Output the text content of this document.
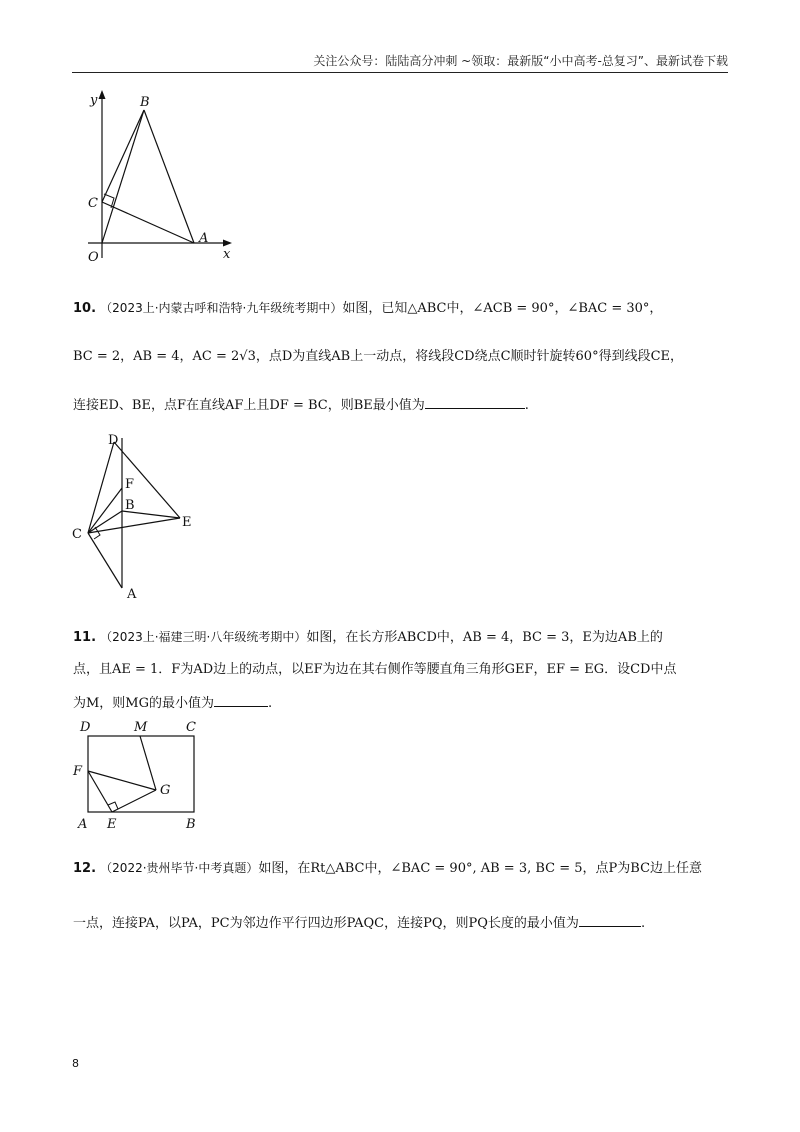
关注公众号：陆陆高分冲刺 ~领取：最新版“小中高考-总复习”、最新试卷下载
y	B
C
A
O	x
10. （2023上·内蒙古呼和浩特·九年级统考期中）如图，已知△ABC中，∠ACB = 90°，∠BAC = 30°，
BC = 2，AB = 4，AC = 2√3，点D为直线AB上一动点，将线段CD绕点C顺时针旋转60°得到线段CE，
连接ED、BE，点F在直线AF上且DF = BC，则BE最小值为	.
D
F
B
E
C
A
11. （2023上·福建三明·八年级统考期中）如图，在长方形ABCD中，AB = 4，BC = 3，E为边AB上的
点，且AE = 1．F为AD边上的动点，以EF为边在其右侧作等腰直角三角形GEF，EF = EG．设CD中点
为M，则MG的最小值为	.
D	M	C
F
G
A E	B
12. （2022·贵州毕节·中考真题）如图，在Rt△ABC中，∠BAC = 90°, AB = 3, BC = 5，点P为BC边上任意
一点，连接PA，以PA，PC为邻边作平行四边形PAQC，连接PQ，则PQ长度的最小值为	.
8
